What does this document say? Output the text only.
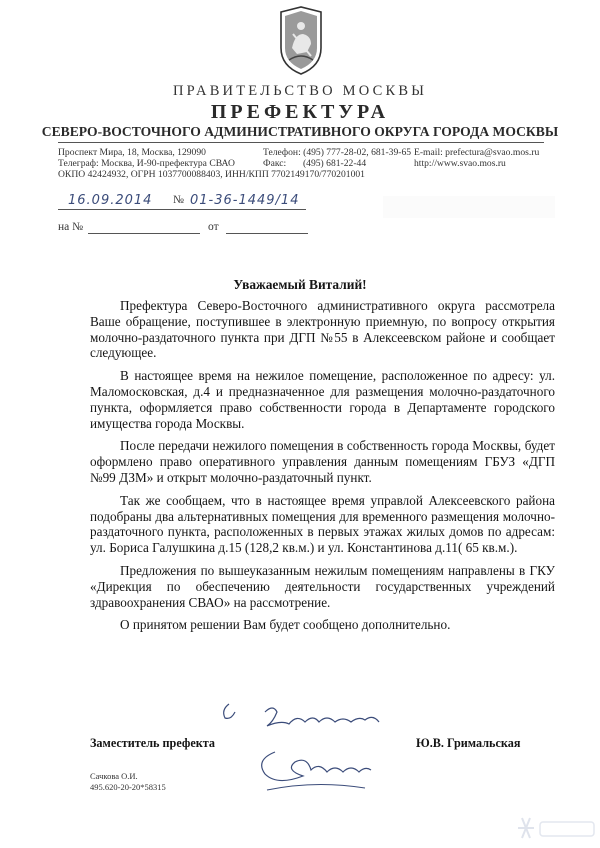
ПРАВИТЕЛЬСТВО МОСКВЫ
ПРЕФЕКТУРА
СЕВЕРО-ВОСТОЧНОГО АДМИНИСТРАТИВНОГО ОКРУГА ГОРОДА МОСКВЫ
Проспект Мира, 18, Москва, 129090
Телеграф: Москва, И-90-префектура СВАО
ОКПО 42424932, ОГРН 1037700088403, ИНН/КПП 7702149170/770201001
Телефон: (495) 777-28-02, 681-39-65
Факс:       (495) 681-22-44
E-mail: prefectura@svao.mos.ru
http://www.svao.mos.ru
16.09.2014 № 01-36-1449/14
на №	от
Уважаемый Виталий!

Префектура Северо-Восточного административного округа рассмотрела Ваше обращение, поступившее в электронную приемную, по вопросу открытия молочно-раздаточного пункта при ДГП №55 в Алексеевском районе и сообщает следующее.

В настоящее время на нежилое помещение, расположенное по адресу: ул. Маломосковская, д.4 и предназначенное для размещения молочно-раздаточного пункта, оформляется право собственности города в Департаменте городского имущества города Москвы.

После передачи нежилого помещения в собственность города Москвы, будет оформлено право оперативного управления данным помещениям ГБУЗ «ДГП №99 ДЗМ» и открыт молочно-раздаточный пункт.

Так же сообщаем, что в настоящее время управлой Алексеевского района подобраны два альтернативных помещения для временного размещения молочно-раздаточного пункта, расположенных в первых этажах жилых домов по адресам: ул. Бориса Галушкина д.15 (128,2 кв.м.) и ул. Константинова д.11( 65 кв.м.).

Предложения по вышеуказанным нежилым помещениям направлены в ГКУ «Дирекция по обеспечению деятельности государственных учреждений здравоохранения СВАО» на рассмотрение.

О принятом решении Вам будет сообщено дополнительно.

Заместитель префекта	Ю.В. Гримальская
Сачкова О.И.
495.620-20-20*58315
